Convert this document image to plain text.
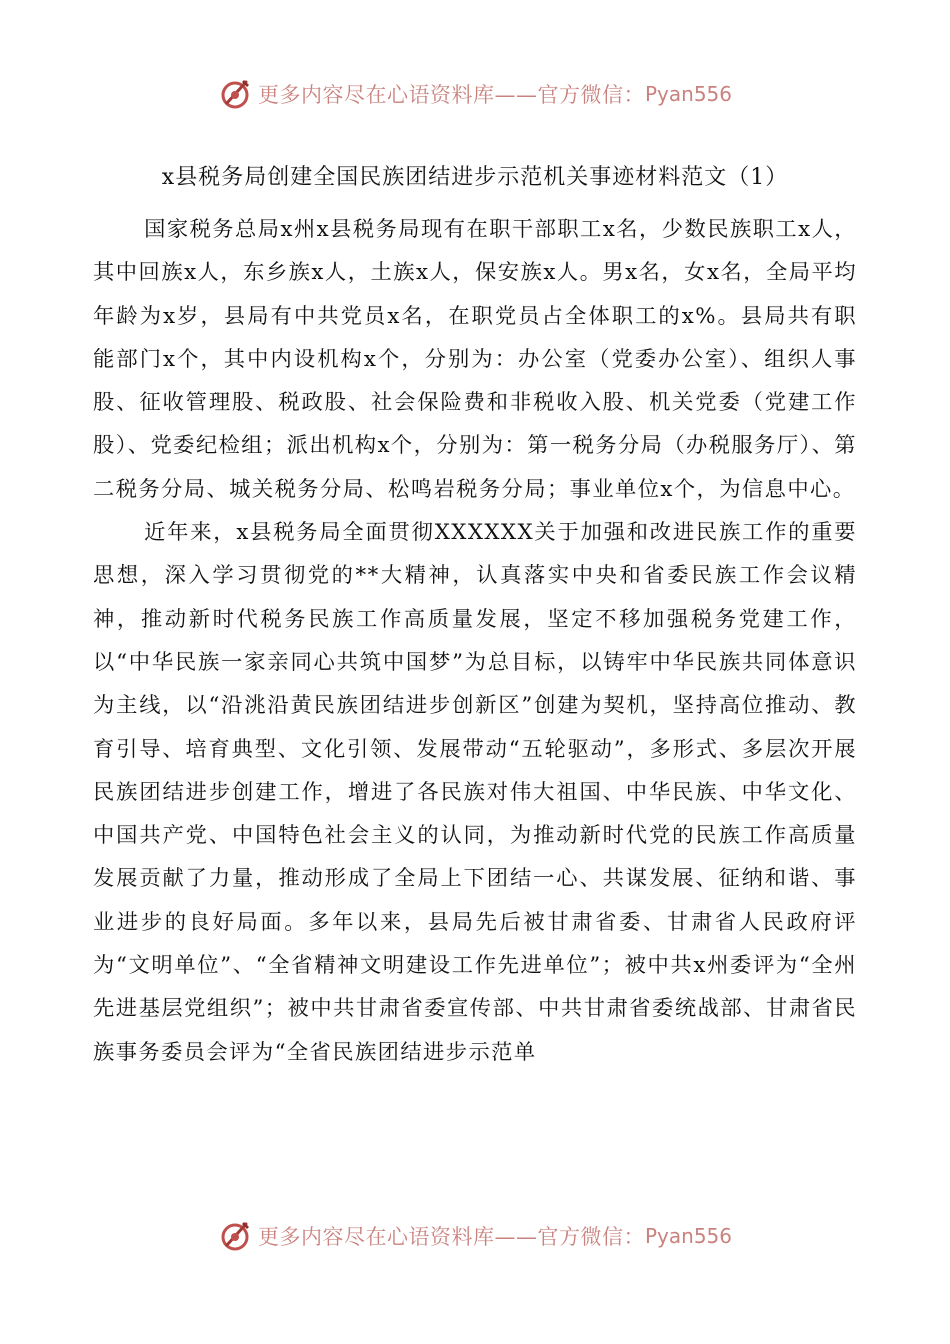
更多内容尽在心语资料库——官方微信： Pyan556
x县税务局创建全国民族团结进步示范机关事迹材料范文（1）

国家税务总局x州x县税务局现有在职干部职工x名，少数民族职工x人，其中回族x人，东乡族x人，土族x人，保安族x人。男x名，女x名，全局平均年龄为x岁，县局有中共党员x名，在职党员占全体职工的x%。县局共有职能部门x个，其中内设机构x个，分别为：办公室（党委办公室）、组织人事股、征收管理股、税政股、社会保险费和非税收入股、机关党委（党建工作股）、党委纪检组；派出机构x个，分别为：第一税务分局（办税服务厅）、第二税务分局、城关税务分局、松鸣岩税务分局；事业单位x个，为信息中心。

近年来，x县税务局全面贯彻XXXXXX关于加强和改进民族工作的重要思想，深入学习贯彻党的**大精神，认真落实中央和省委民族工作会议精神，推动新时代税务民族工作高质量发展，坚定不移加强税务党建工作，以“中华民族一家亲同心共筑中国梦”为总目标，以铸牢中华民族共同体意识为主线，以“沿洮沿黄民族团结进步创新区”创建为契机，坚持高位推动、教育引导、培育典型、文化引领、发展带动“五轮驱动”，多形式、多层次开展民族团结进步创建工作，增进了各民族对伟大祖国、中华民族、中华文化、中国共产党、中国特色社会主义的认同，为推动新时代党的民族工作高质量发展贡献了力量，推动形成了全局上下团结一心、共谋发展、征纳和谐、事业进步的良好局面。多年以来，县局先后被甘肃省委、甘肃省人民政府评为“文明单位”、“全省精神文明建设工作先进单位”；被中共x州委评为“全州先进基层党组织”；被中共甘肃省委宣传部、中共甘肃省委统战部、甘肃省民族事务委员会评为“全省民族团结进步示范单

更多内容尽在心语资料库——官方微信： Pyan556
